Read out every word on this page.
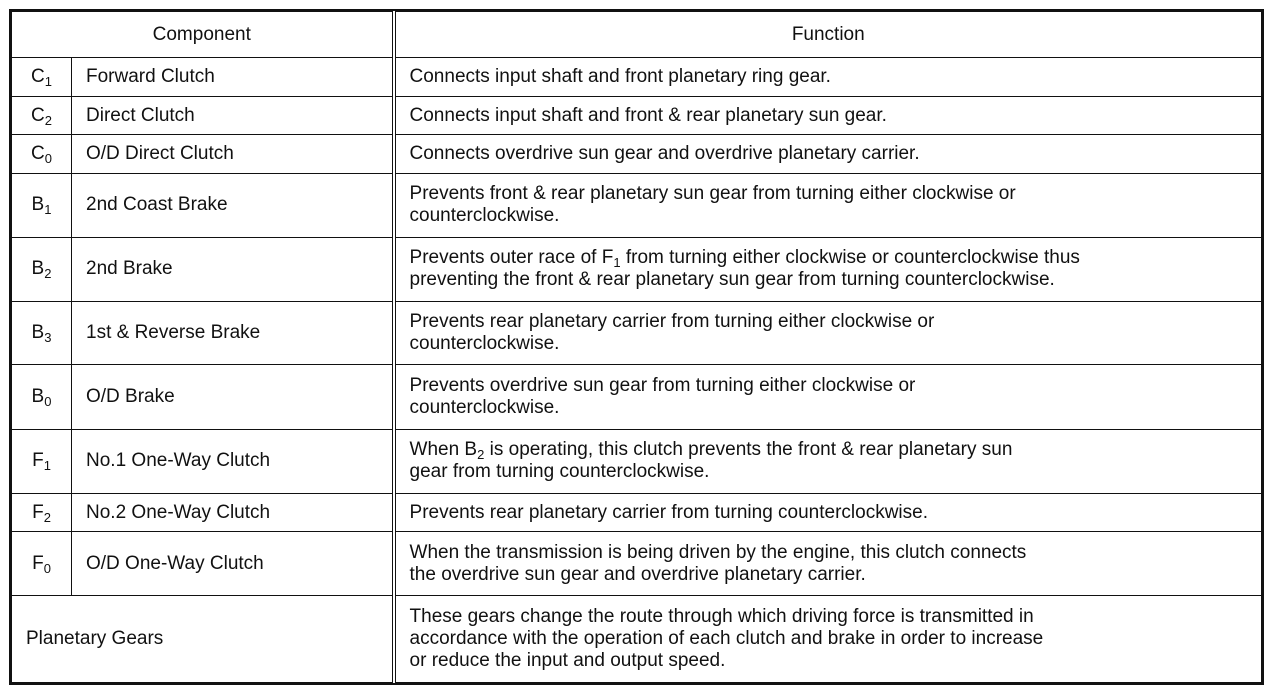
Component		Function
$C_1$	Forward Clutch	Connects input shaft and front planetary ring gear.
$C_2$	Direct Clutch	Connects input shaft and front & rear planetary sun gear.
$C_0$	O/D Direct Clutch	Connects overdrive sun gear and overdrive planetary carrier.
$B_1$	2nd Coast Brake	Prevents front & rear planetary sun gear from turning either clockwise or
counterclockwise.
$B_2$	2nd Brake	Prevents outer race of $F_1$ from turning either clockwise or counterclockwise thus
preventing the front & rear planetary sun gear from turning counterclockwise.
$B_3$	1st & Reverse Brake	Prevents rear planetary carrier from turning either clockwise or
counterclockwise.
$B_0$	O/D Brake	Prevents overdrive sun gear from turning either clockwise or
counterclockwise.
$F_1$	No.1 One-Way Clutch	When $B_2$ is operating, this clutch prevents the front & rear planetary sun
gear from turning counterclockwise.
$F_2$	No.2 One-Way Clutch	Prevents rear planetary carrier from turning counterclockwise.
$F_0$	O/D One-Way Clutch	When the transmission is being driven by the engine, this clutch connects
the overdrive sun gear and overdrive planetary carrier.
Planetary Gears		These gears change the route through which driving force is transmitted in
accordance with the operation of each clutch and brake in order to increase
or reduce the input and output speed.
